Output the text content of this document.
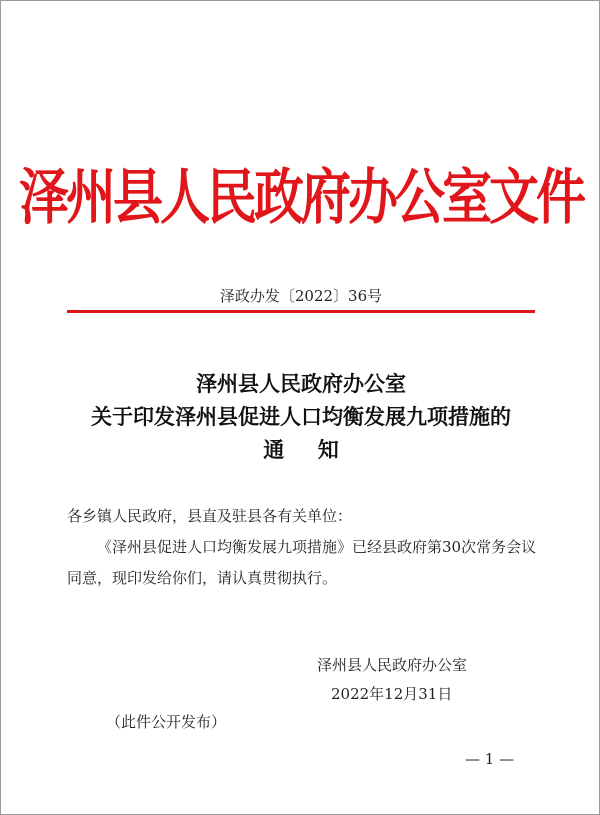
泽州县人民政府办公室文件
泽政办发〔2022〕36号
泽州县人民政府办公室
关于印发泽州县促进人口均衡发展九项措施的
通知
各乡镇人民政府，县直及驻县各有关单位：
《泽州县促进人口均衡发展九项措施》已经县政府第30次常务会议同意，现印发给你们，请认真贯彻执行。
泽州县人民政府办公室
2022年12月31日
（此件公开发布）
— 1 —
